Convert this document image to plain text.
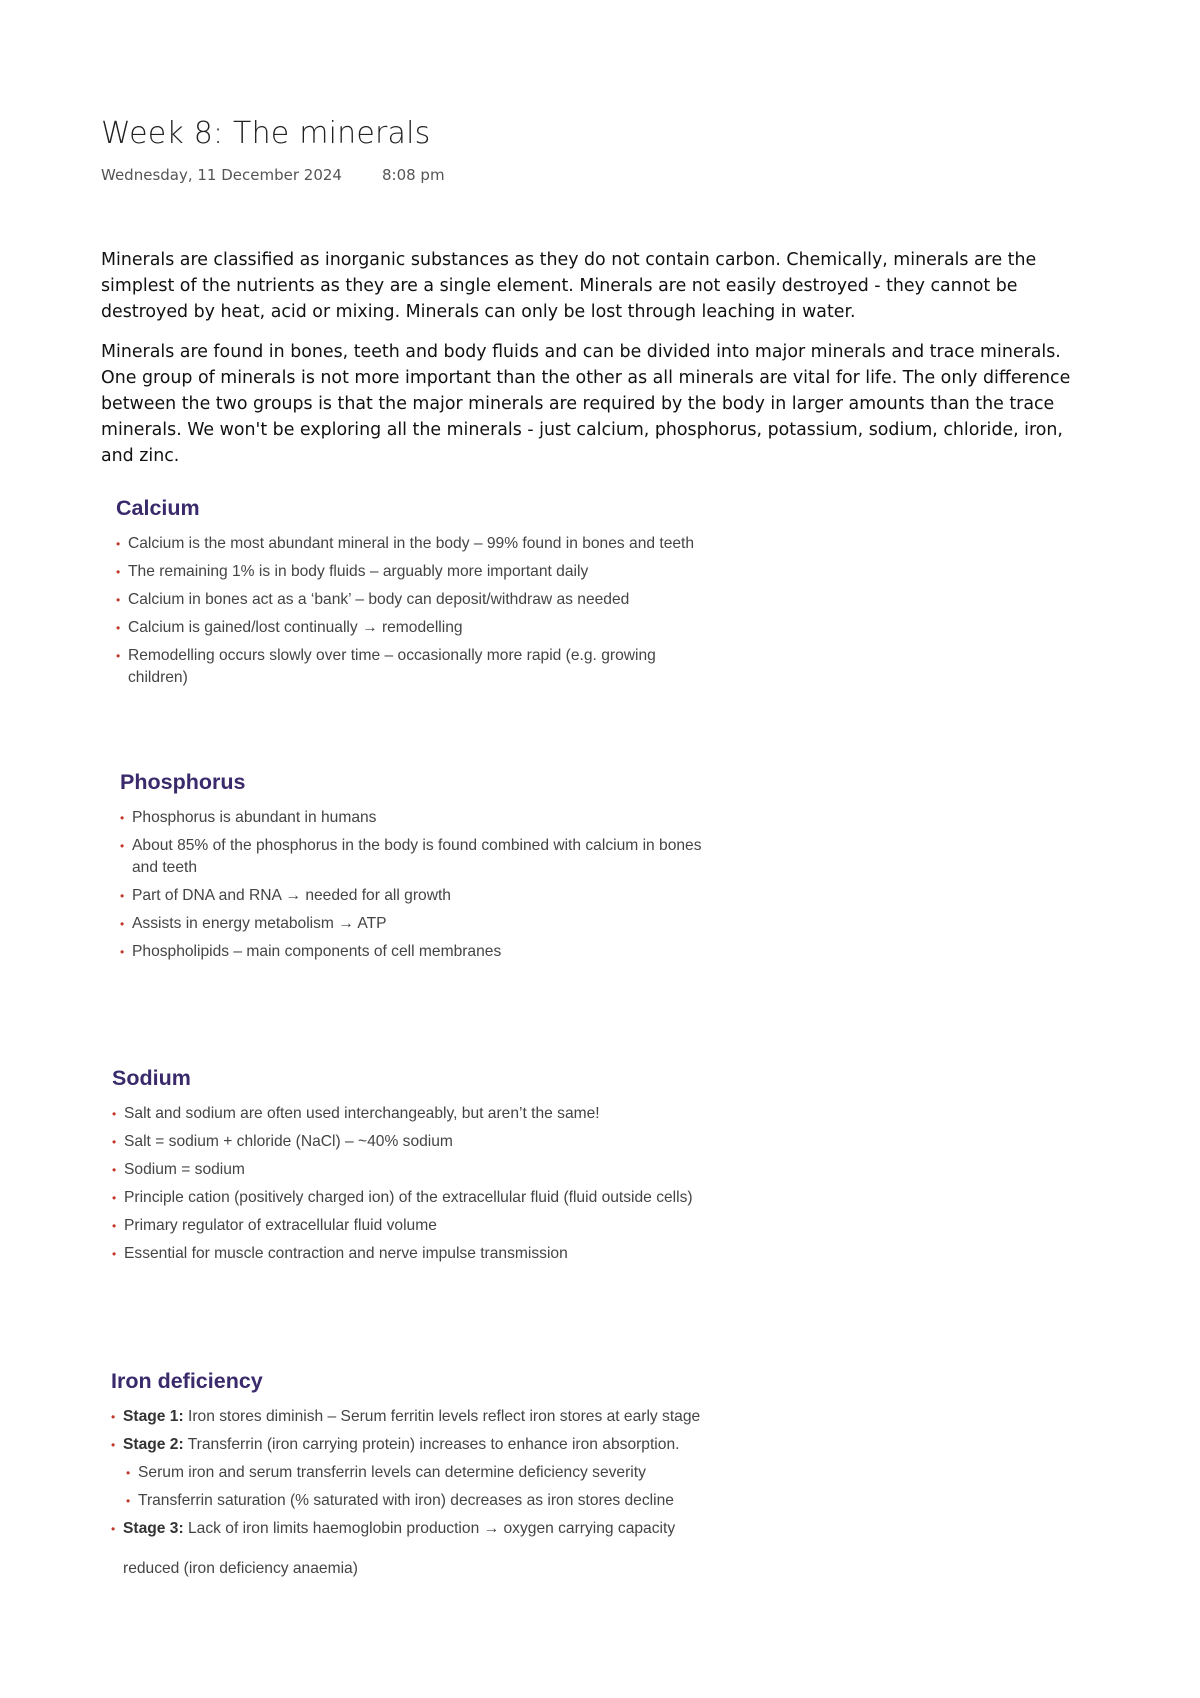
Week 8: The minerals
Wednesday, 11 December 2024	8:08 pm

Minerals are classified as inorganic substances as they do not contain carbon. Chemically, minerals are the simplest of the nutrients as they are a single element. Minerals are not easily destroyed - they cannot be destroyed by heat, acid or mixing. Minerals can only be lost through leaching in water.

Minerals are found in bones, teeth and body fluids and can be divided into major minerals and trace minerals. One group of minerals is not more important than the other as all minerals are vital for life. The only difference between the two groups is that the major minerals are required by the body in larger amounts than the trace minerals. We won't be exploring all the minerals - just calcium, phosphorus, potassium, sodium, chloride, iron, and zinc.

Calcium
• Calcium is the most abundant mineral in the body – 99% found in bones and teeth
• The remaining 1% is in body fluids – arguably more important daily
• Calcium in bones act as a ‘bank’ – body can deposit/withdraw as needed
• Calcium is gained/lost continually → remodelling
• Remodelling occurs slowly over time – occasionally more rapid (e.g. growing children)
Phosphorus
• Phosphorus is abundant in humans
• About 85% of the phosphorus in the body is found combined with calcium in bones and teeth
• Part of DNA and RNA → needed for all growth
• Assists in energy metabolism → ATP
• Phospholipids – main components of cell membranes
Sodium
• Salt and sodium are often used interchangeably, but aren’t the same!
• Salt = sodium + chloride (NaCl) – ~40% sodium
• Sodium = sodium
• Principle cation (positively charged ion) of the extracellular fluid (fluid outside cells)
• Primary regulator of extracellular fluid volume
• Essential for muscle contraction and nerve impulse transmission
Iron deficiency
• Stage 1: Iron stores diminish – Serum ferritin levels reflect iron stores at early stage
• Stage 2: Transferrin (iron carrying protein) increases to enhance iron absorption.
• Serum iron and serum transferrin levels can determine deficiency severity
• Transferrin saturation (% saturated with iron) decreases as iron stores decline
• Stage 3: Lack of iron limits haemoglobin production → oxygen carrying capacity
reduced (iron deficiency anaemia)
